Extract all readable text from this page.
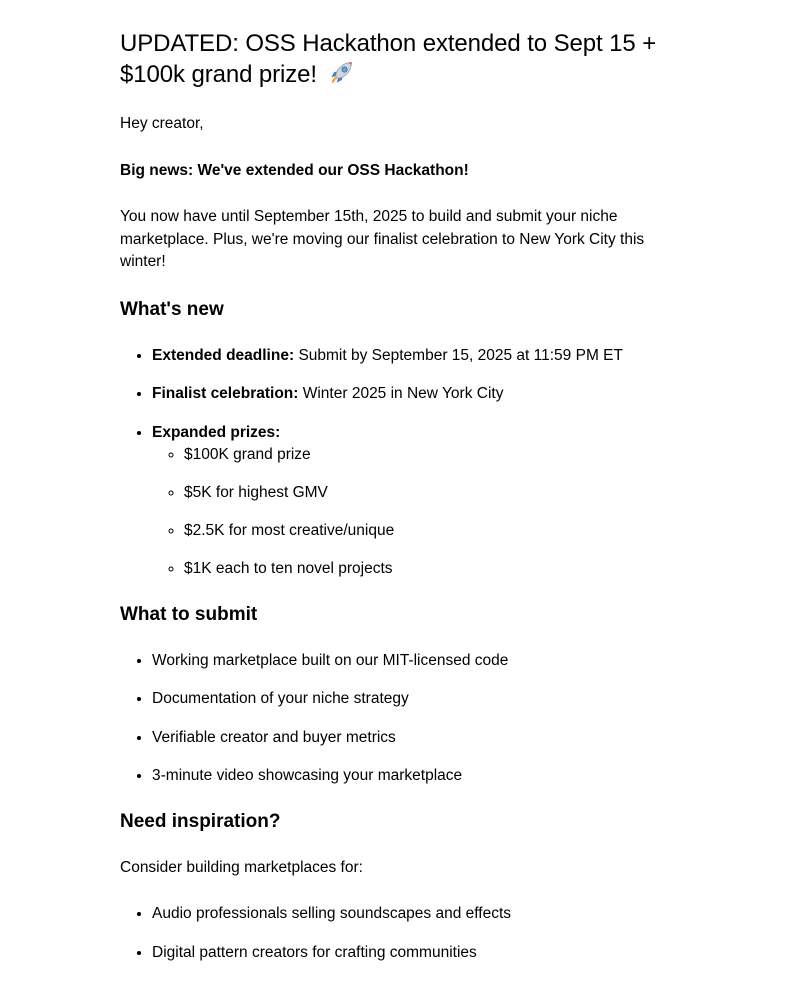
UPDATED: OSS Hackathon extended to Sept 15 + $100k grand prize!

Hey creator,

Big news: We've extended our OSS Hackathon!

You now have until September 15th, 2025 to build and submit your niche marketplace. Plus, we're moving our finalist celebration to New York City this winter!

What's new
• Extended deadline: Submit by September 15, 2025 at 11:59 PM ET
• Finalist celebration: Winter 2025 in New York City
• Expanded prizes:
◦ $100K grand prize
◦ $5K for highest GMV
◦ $2.5K for most creative/unique
◦ $1K each to ten novel projects
What to submit
• Working marketplace built on our MIT-licensed code
• Documentation of your niche strategy
• Verifiable creator and buyer metrics
• 3-minute video showcasing your marketplace
Need inspiration?

Consider building marketplaces for:

• Audio professionals selling soundscapes and effects
• Digital pattern creators for crafting communities
